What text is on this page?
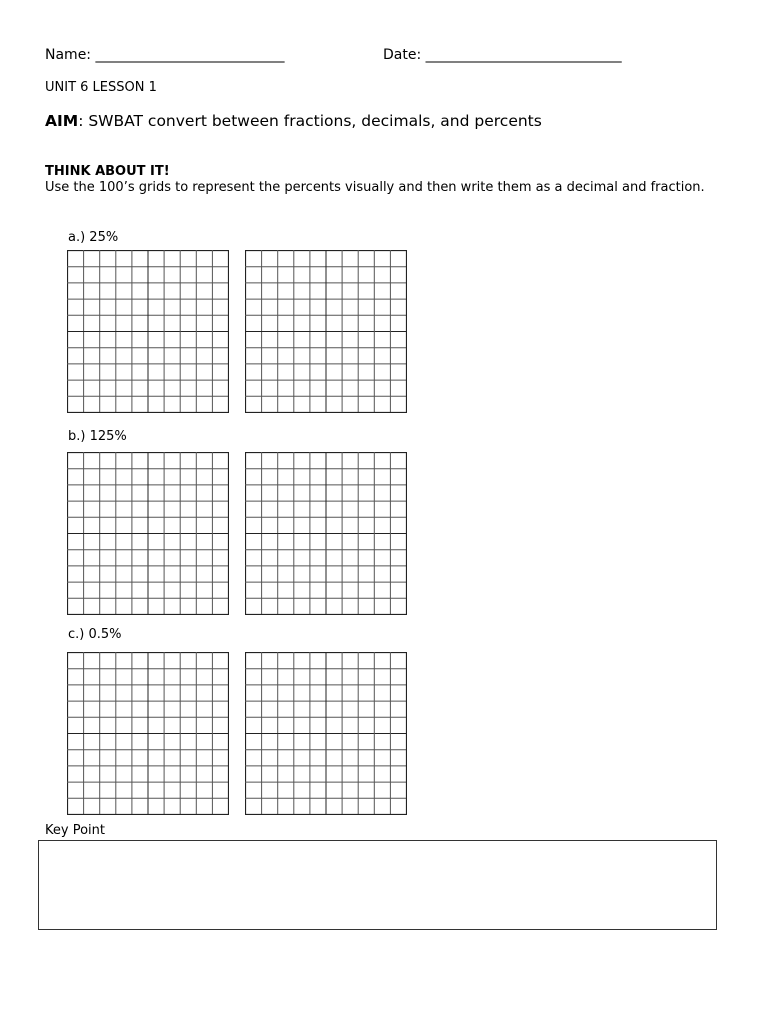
Name: ___________________________	Date: ____________________________
UNIT 6 LESSON 1
AIM: SWBAT convert between fractions, decimals, and percents
THINK ABOUT IT!
Use the 100’s grids to represent the percents visually and then write them as a decimal and fraction.
a.) 25%
b.) 125%
c.) 0.5%
Key Point
